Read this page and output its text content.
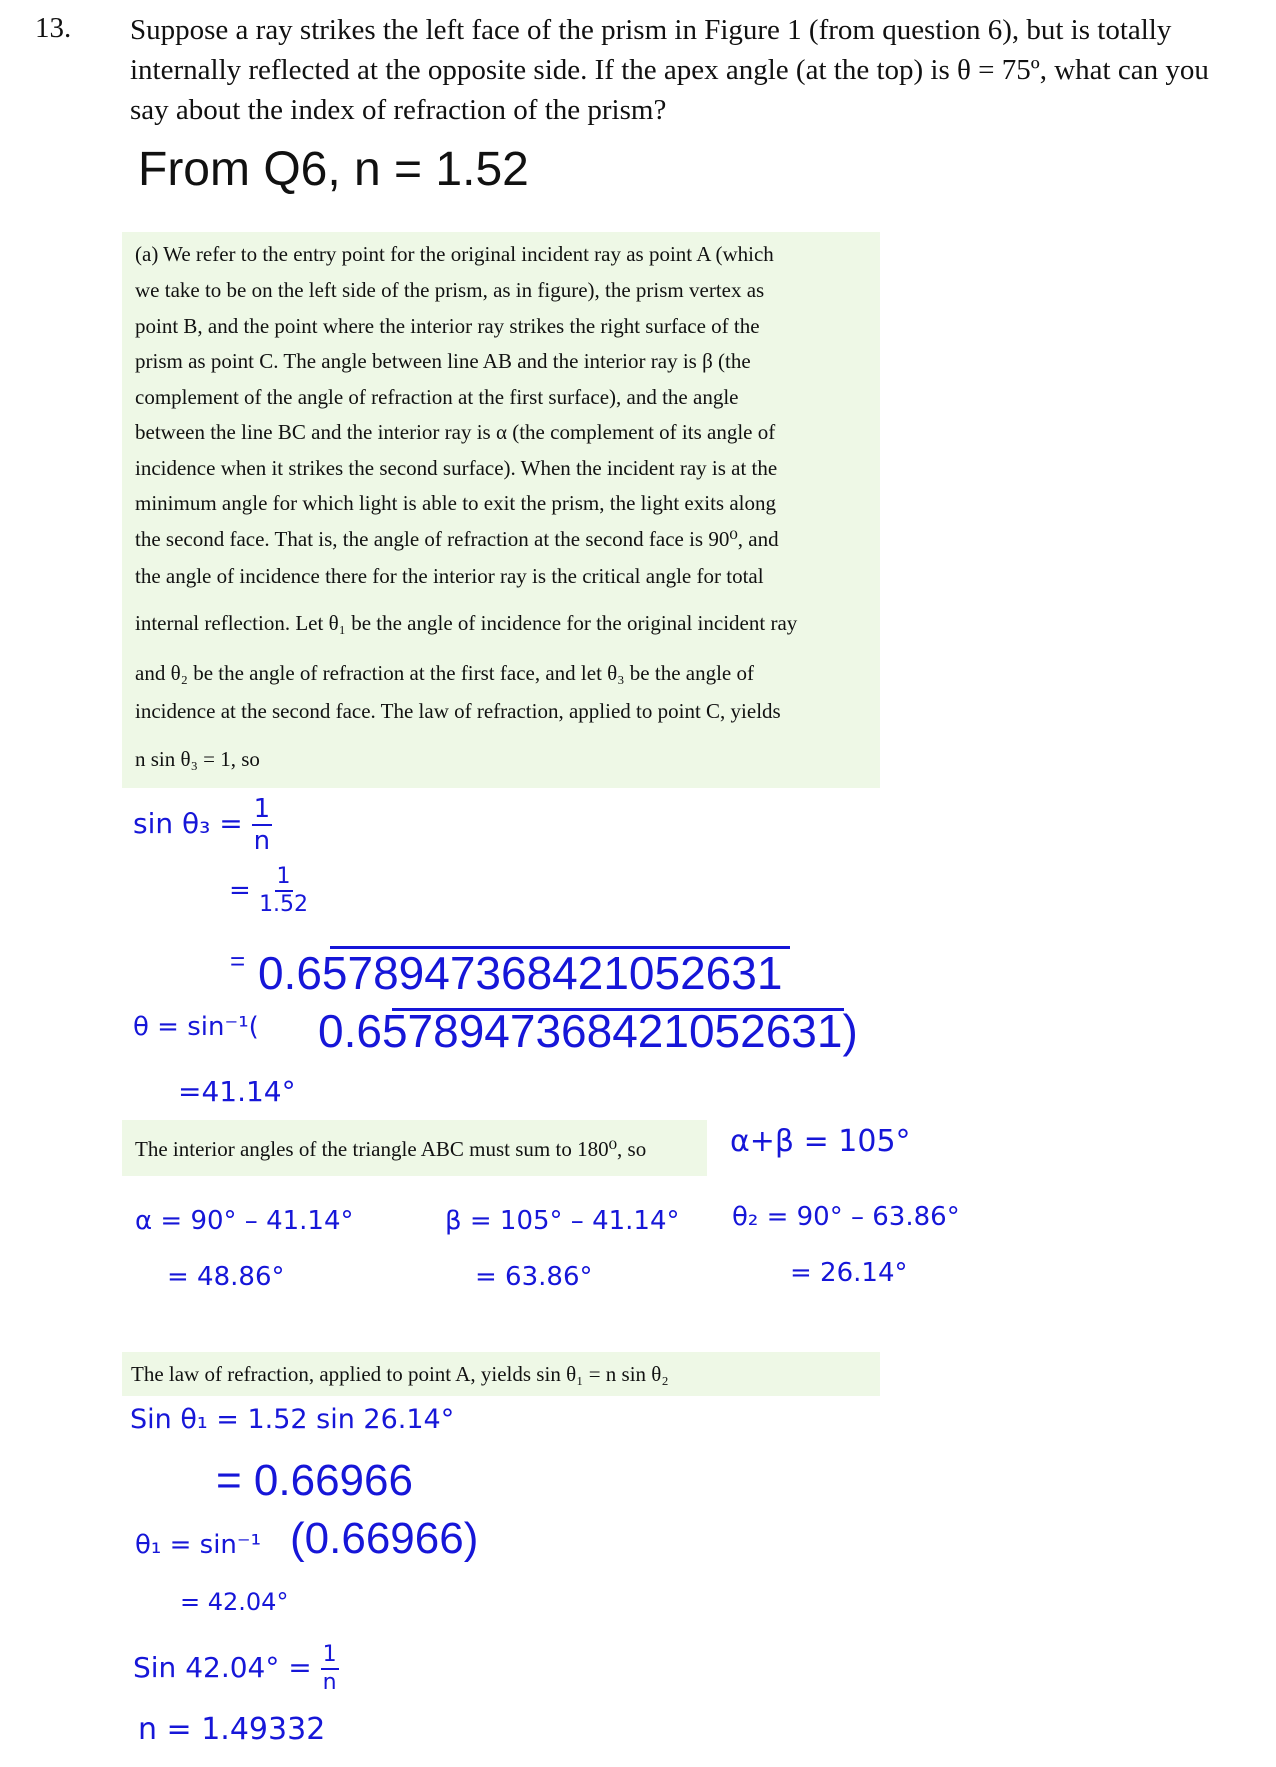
13. Suppose a ray strikes the left face of the prism in Figure 1 (from question 6), but is totally internally reflected at the opposite side. If the apex angle (at the top) is θ = 75º, what can you say about the index of refraction of the prism?
From Q6, n = 1.52
(a) We refer to the entry point for the original incident ray as point A (which
we take to be on the left side of the prism, as in figure), the prism vertex as
point B, and the point where the interior ray strikes the right surface of the
prism as point C. The angle between line AB and the interior ray is β (the
complement of the angle of refraction at the first surface), and the angle
between the line BC and the interior ray is α (the complement of its angle of
incidence when it strikes the second surface). When the incident ray is at the
minimum angle for which light is able to exit the prism, the light exits along
the second face. That is, the angle of refraction at the second face is 90⁰, and
the angle of incidence there for the interior ray is the critical angle for total
internal reflection. Let θ₁ be the angle of incidence for the original incident ray
and θ₂ be the angle of refraction at the first face, and let θ₃ be the angle of
incidence at the second face. The law of refraction, applied to point C, yields
n sin θ₃ = 1, so
$\sin \theta_3 = \frac{1}{n}$
= $\frac{1}{1.52}$
= 0.6578947368421052631
θ = sin⁻¹( 0.6578947368421052631)
=41.14°
The interior angles of the triangle ABC must sum to 180⁰, so	α+β = 105°
α = 90° – 41.14°
= 48.86°
β = 105° – 41.14°
= 63.86°
θ₂ = 90° – 63.86°
= 26.14°
The law of refraction, applied to point A, yields sin θ₁ = n sin θ₂
Sin θ₁ = 1.52 sin 26.14°
= 0.66966
θ₁ = sin⁻¹ (0.66966)
= 42.04°
Sin $42.04^\circ = \frac{1}{n}$
n = 1.49332
